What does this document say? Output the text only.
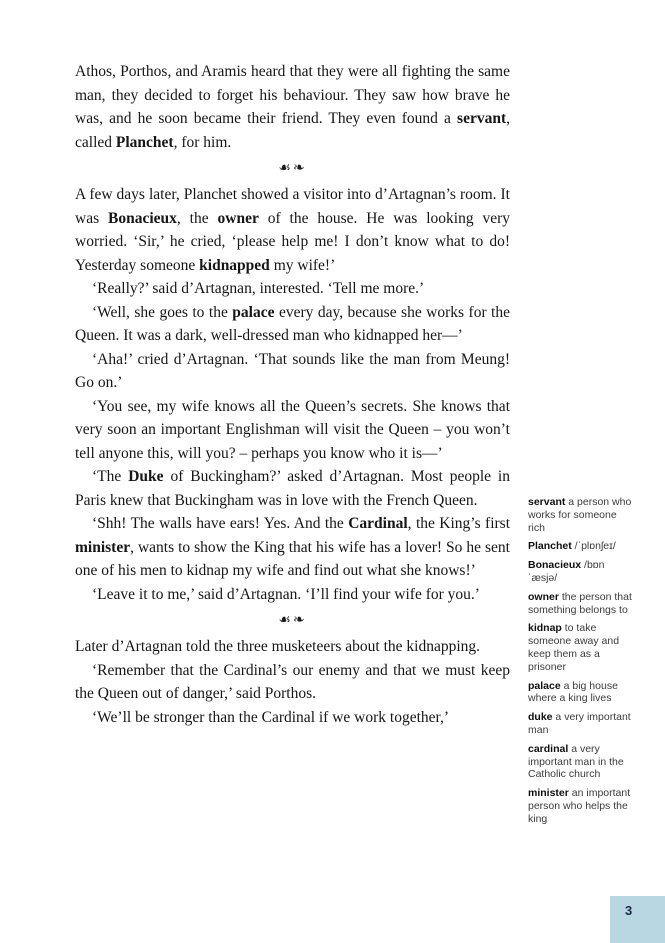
Athos, Porthos, and Aramis heard that they were all fighting the same man, they decided to forget his behaviour. They saw how brave he was, and he soon became their friend. They even found a servant, called Planchet, for him.

☙❧

A few days later, Planchet showed a visitor into d’Artagnan’s room. It was Bonacieux, the owner of the house. He was looking very worried. ‘Sir,’ he cried, ‘please help me! I don’t know what to do! Yesterday someone kidnapped my wife!’

‘Really?’ said d’Artagnan, interested. ‘Tell me more.’

‘Well, she goes to the palace every day, because she works for the Queen. It was a dark, well-dressed man who kidnapped her—’

‘Aha!’ cried d’Artagnan. ‘That sounds like the man from Meung! Go on.’

‘You see, my wife knows all the Queen’s secrets. She knows that very soon an important Englishman will visit the Queen – you won’t tell anyone this, will you? – perhaps you know who it is—’

‘The Duke of Buckingham?’ asked d’Artagnan. Most people in Paris knew that Buckingham was in love with the French Queen.

‘Shh! The walls have ears! Yes. And the Cardinal, the King’s first minister, wants to show the King that his wife has a lover! So he sent one of his men to kidnap my wife and find out what she knows!’

‘Leave it to me,’ said d’Artagnan. ‘I’ll find your wife for you.’

☙❧

Later d’Artagnan told the three musketeers about the kidnapping.

‘Remember that the Cardinal’s our enemy and that we must keep the Queen out of danger,’ said Porthos.

‘We’ll be stronger than the Cardinal if we work together,’

servant a person who works for someone rich
Planchet /ˈplɒnʃeɪ/
Bonacieux /bɒnˈæsjə/
owner the person that something belongs to
kidnap to take someone away and keep them as a prisoner
palace a big house where a king lives
duke a very important man
cardinal a very important man in the Catholic church
minister an important person who helps the king
3
